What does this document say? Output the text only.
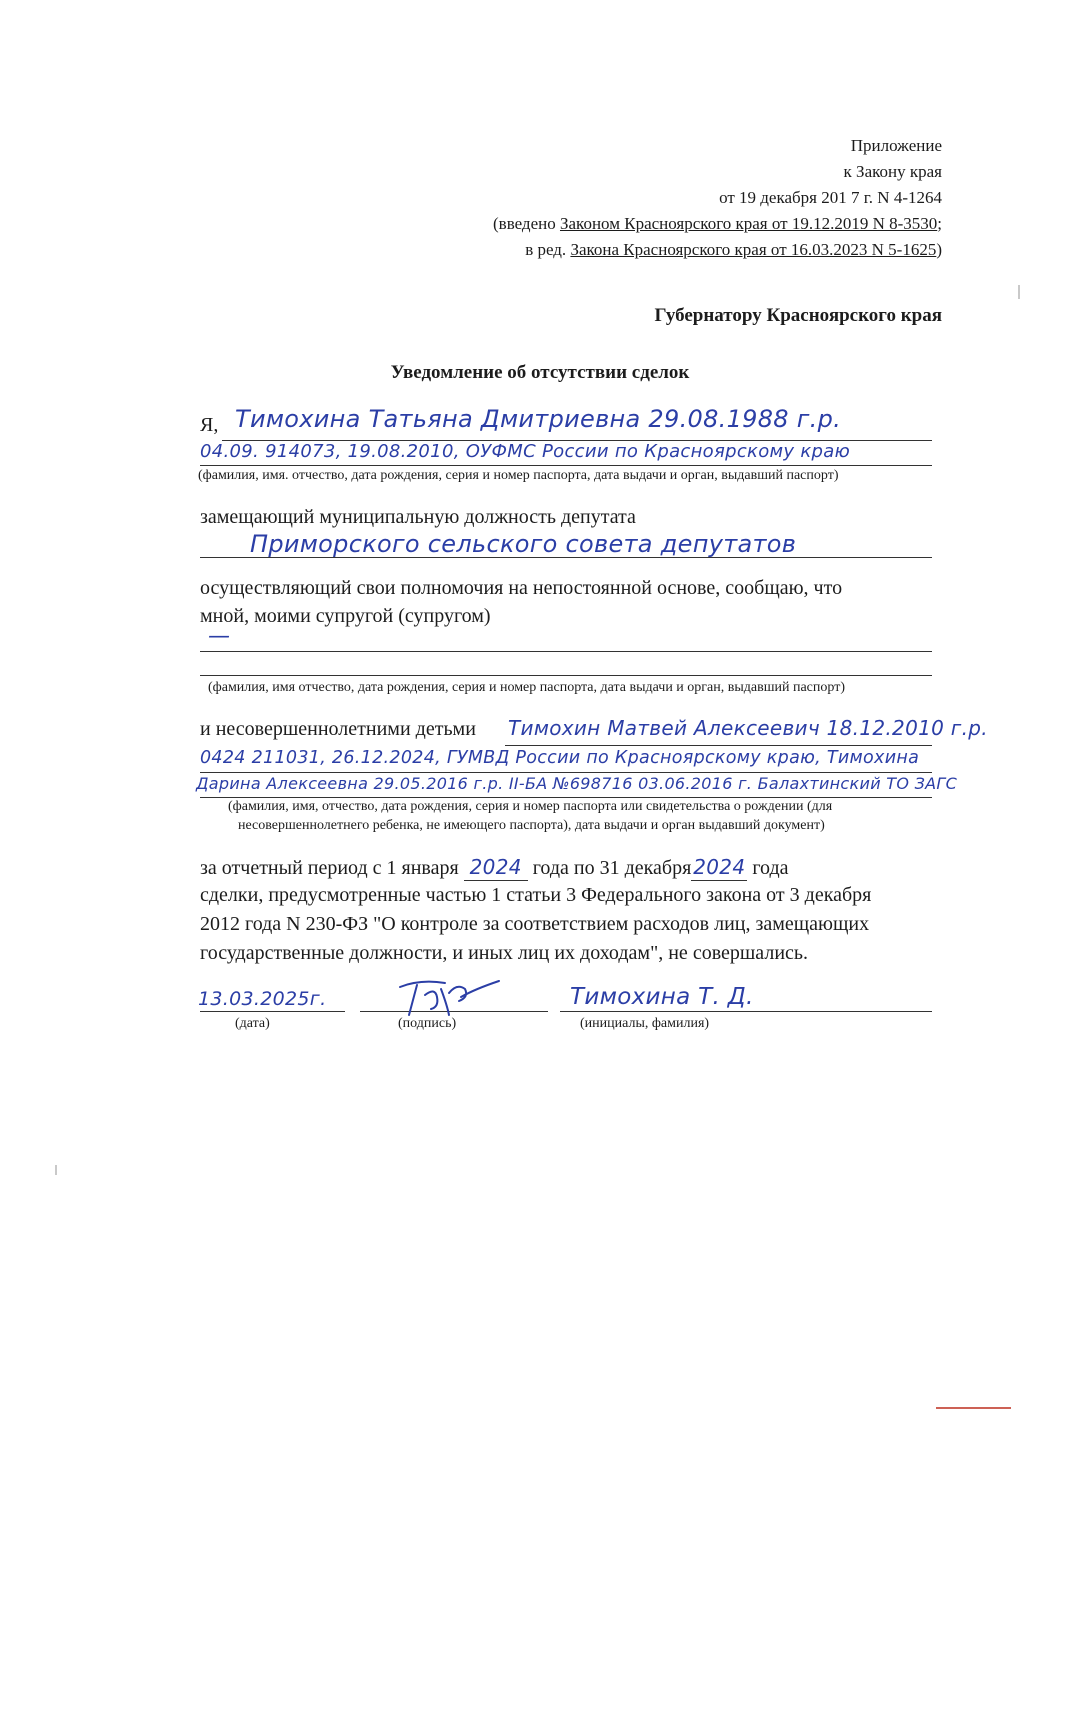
Приложение
к Закону края
от 19 декабря 201 7 г. N 4-1264
(введено Законом Красноярского края от 19.12.2019 N 8-3530;
в ред. Закона Красноярского края от 16.03.2023 N 5-1625)
Губернатору Красноярского края
Уведомление об отсутствии сделок
Я, Тимохина Татьяна Дмитриевна 29.08.1988 г.р.
04.09. 914073, 19.08.2010, ОУФМС России по Красноярскому краю
(фамилия, имя. отчество, дата рождения, серия и номер паспорта, дата выдачи и орган, выдавший паспорт)
замещающий муниципальную должность депутата
Приморского сельского совета депутатов
осуществляющий свои полномочия на непостоянной основе, сообщаю, что
мной, моими супругой (супругом)
—
(фамилия, имя отчество, дата рождения, серия и номер паспорта, дата выдачи и орган, выдавший паспорт)
и несовершеннолетними детьми Тимохин Матвей Алексеевич 18.12.2010 г.р.
0424 211031, 26.12.2024, ГУМВД России по Красноярскому краю, Тимохина
Дарина Алексеевна 29.05.2016 г.р. II-БА №698716 03.06.2016 г. Балахтинский ТО ЗАГС
(фамилия, имя, отчество, дата рождения, серия и номер паспорта или свидетельства о рождении (для
несовершеннолетнего ребенка, не имеющего паспорта), дата выдачи и орган выдавший документ)
за отчетный период с 1 января 2024 года по 31 декабря2024 года
сделки, предусмотренные частью 1 статьи 3 Федерального закона от 3 декабря
2012 года N 230-ФЗ "О контроле за соответствием расходов лиц, замещающих
государственные должности, и иных лиц их доходам", не совершались.
13.03.2025г.
(дата)	(подпись)
Тимохина Т. Д.
(инициалы, фамилия)
